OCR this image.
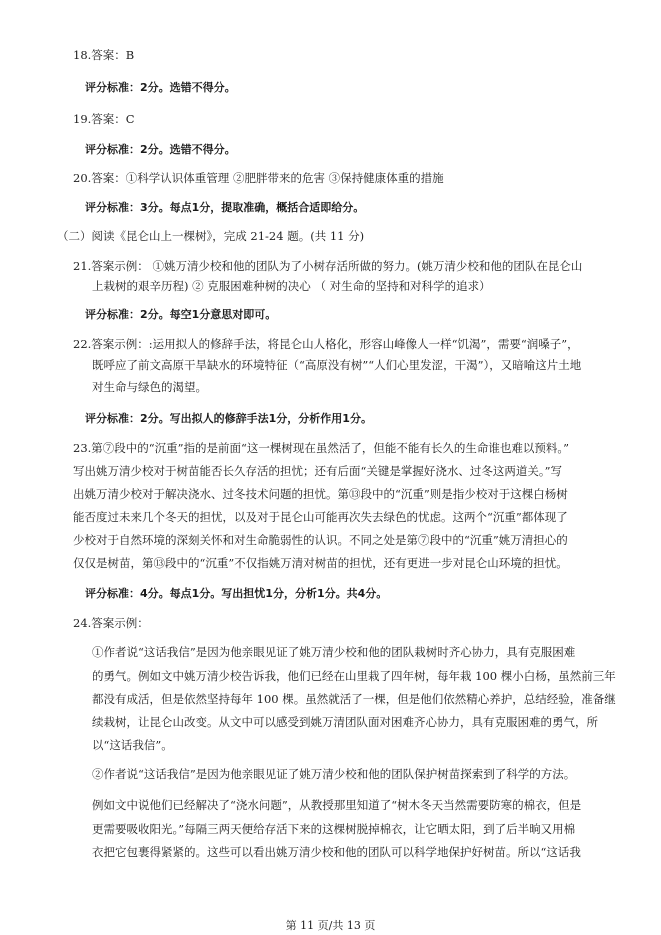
18.答案：B
评分标准：2分。选错不得分。
19.答案：C
评分标准：2分。选错不得分。
20.答案：①科学认识体重管理 ②肥胖带来的危害 ③保持健康体重的措施
评分标准：3分。每点1分，提取准确，概括合适即给分。
（二）阅读《昆仑山上一棵树》，完成 21-24 题。(共 11 分)
21.答案示例： ①姚万清少校和他的团队为了小树存活所做的努力。(姚万清少校和他的团队在昆仑山
上栽树的艰辛历程) ② 克服困难种树的决心 （ 对生命的坚持和对科学的追求）
评分标准：2分。每空1分意思对即可。
22.答案示例：:运用拟人的修辞手法，将昆仑山人格化，形容山峰像人一样“饥渴”，需要“润嗓子”，
既呼应了前文高原干旱缺水的环境特征（“高原没有树”“人们心里发涩，干渴”），又暗喻这片土地
对生命与绿色的渴望。
评分标准：2分。写出拟人的修辞手法1分，分析作用1分。
23.第⑦段中的“沉重”指的是前面“这一棵树现在虽然活了，但能不能有长久的生命谁也难以预料。”
写出姚万清少校对于树苗能否长久存活的担忧；还有后面“关键是掌握好浇水、过冬这两道关。”写
出姚万清少校对于解决浇水、过冬技术问题的担忧。第⑬段中的“沉重”则是指少校对于这棵白杨树
能否度过未来几个冬天的担忧，以及对于昆仑山可能再次失去绿色的忧虑。这两个“沉重”都体现了
少校对于自然环境的深刻关怀和对生命脆弱性的认识。不同之处是第⑦段中的“沉重”姚万清担心的
仅仅是树苗，第⑬段中的“沉重”不仅指姚万清对树苗的担忧，还有更进一步对昆仑山环境的担忧。
评分标准：4分。每点1分。写出担忧1分，分析1分。共4分。
24.答案示例：
①作者说“这话我信”是因为他亲眼见证了姚万清少校和他的团队栽树时齐心协力，具有克服困难
的勇气。例如文中姚万清少校告诉我，他们已经在山里栽了四年树，每年栽 100 棵小白杨，虽然前三年
都没有成活，但是依然坚持每年 100 棵。虽然就活了一棵，但是他们依然精心养护，总结经验，准备继
续栽树，让昆仑山改变。从文中可以感受到姚万清团队面对困难齐心协力，具有克服困难的勇气，所
以“这话我信”。
②作者说“这话我信”是因为他亲眼见证了姚万清少校和他的团队保护树苗探索到了科学的方法。
例如文中说他们已经解决了“浇水问题”，从教授那里知道了“树木冬天当然需要防寒的棉衣，但是
更需要吸收阳光。”每隔三两天便给存活下来的这棵树脱掉棉衣，让它晒太阳，到了后半晌又用棉
衣把它包裹得紧紧的。这些可以看出姚万清少校和他的团队可以科学地保护好树苗。所以“这话我
第 11 页/共 13 页
